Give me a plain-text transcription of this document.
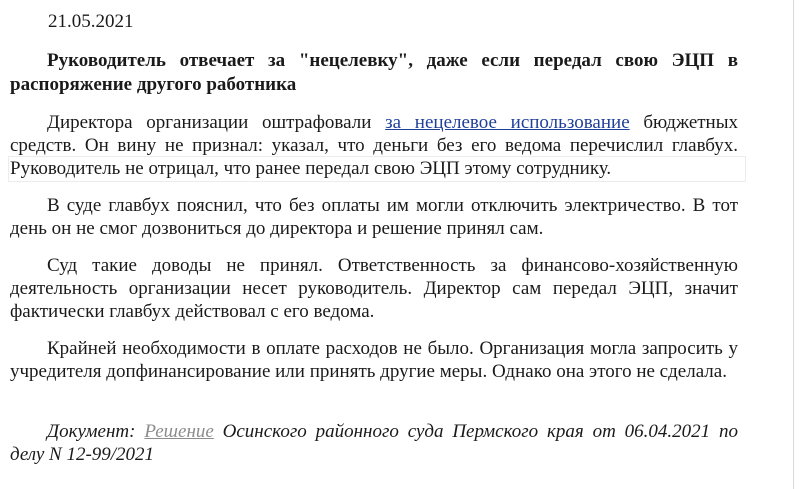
21.05.2021

Руководитель отвечает за "нецелевку", даже если передал свою ЭЦП в распоряжение другого работника

Директора организации оштрафовали за нецелевое использование бюджетных средств. Он вину не признал: указал, что деньги без его ведома перечислил главбух. Руководитель не отрицал, что ранее передал свою ЭЦП этому сотруднику.

В суде главбух пояснил, что без оплаты им могли отключить электричество. В тот день он не смог дозвониться до директора и решение принял сам.

Суд такие доводы не принял. Ответственность за финансово-хозяйственную деятельность организации несет руководитель. Директор сам передал ЭЦП, значит фактически главбух действовал с его ведома.

Крайней необходимости в оплате расходов не было. Организация могла запросить у учредителя допфинансирование или принять другие меры. Однако она этого не сделала.

Документ: Решение Осинского районного суда Пермского края от 06.04.2021 по делу N 12-99/2021
